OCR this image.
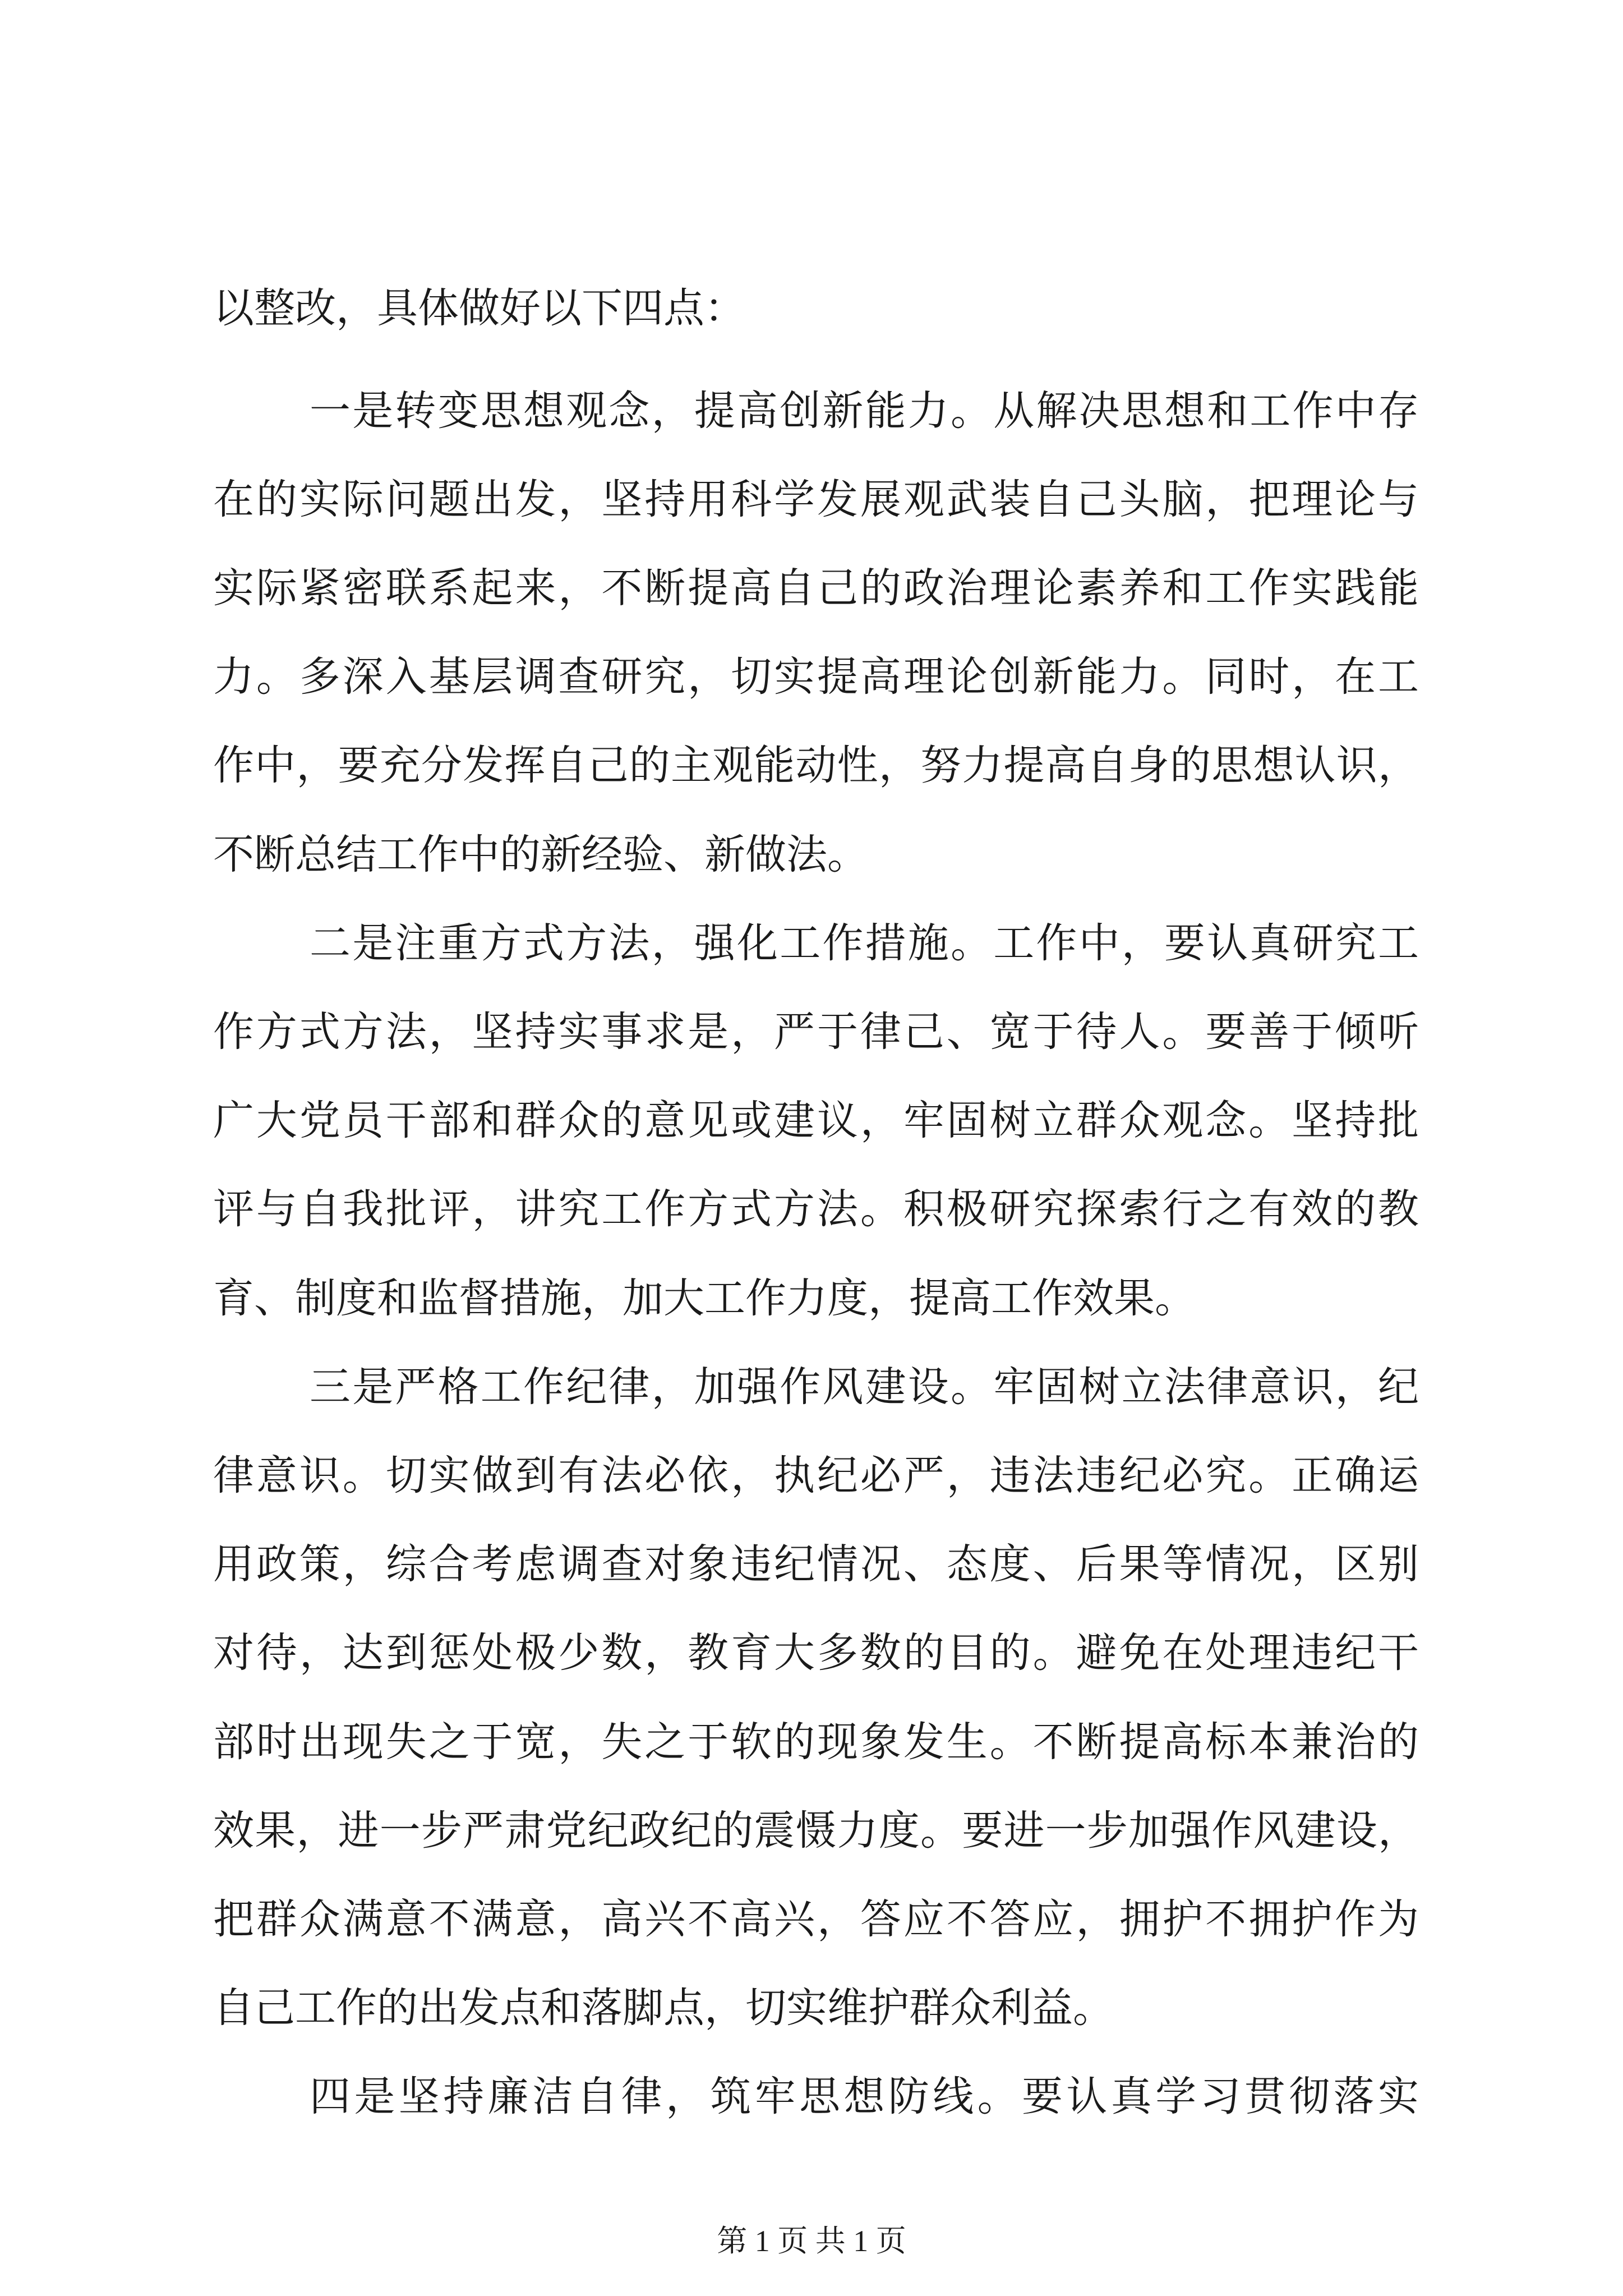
以整改，具体做好以下四点：
一是转变思想观念，提高创新能力。从解决思想和工作中存
在的实际问题出发，坚持用科学发展观武装自己头脑，把理论与
实际紧密联系起来，不断提高自己的政治理论素养和工作实践能
力。多深入基层调查研究，切实提高理论创新能力。同时，在工
作中，要充分发挥自己的主观能动性，努力提高自身的思想认识，
不断总结工作中的新经验、新做法。
二是注重方式方法，强化工作措施。工作中，要认真研究工
作方式方法，坚持实事求是，严于律己、宽于待人。要善于倾听
广大党员干部和群众的意见或建议，牢固树立群众观念。坚持批
评与自我批评，讲究工作方式方法。积极研究探索行之有效的教
育、制度和监督措施，加大工作力度，提高工作效果。
三是严格工作纪律，加强作风建设。牢固树立法律意识，纪
律意识。切实做到有法必依，执纪必严，违法违纪必究。正确运
用政策，综合考虑调查对象违纪情况、态度、后果等情况，区别
对待，达到惩处极少数，教育大多数的目的。避免在处理违纪干
部时出现失之于宽，失之于软的现象发生。不断提高标本兼治的
效果，进一步严肃党纪政纪的震慑力度。要进一步加强作风建设，
把群众满意不满意，高兴不高兴，答应不答应，拥护不拥护作为
自己工作的出发点和落脚点，切实维护群众利益。
四是坚持廉洁自律，筑牢思想防线。要认真学习贯彻落实
第 1 页 共 1 页
